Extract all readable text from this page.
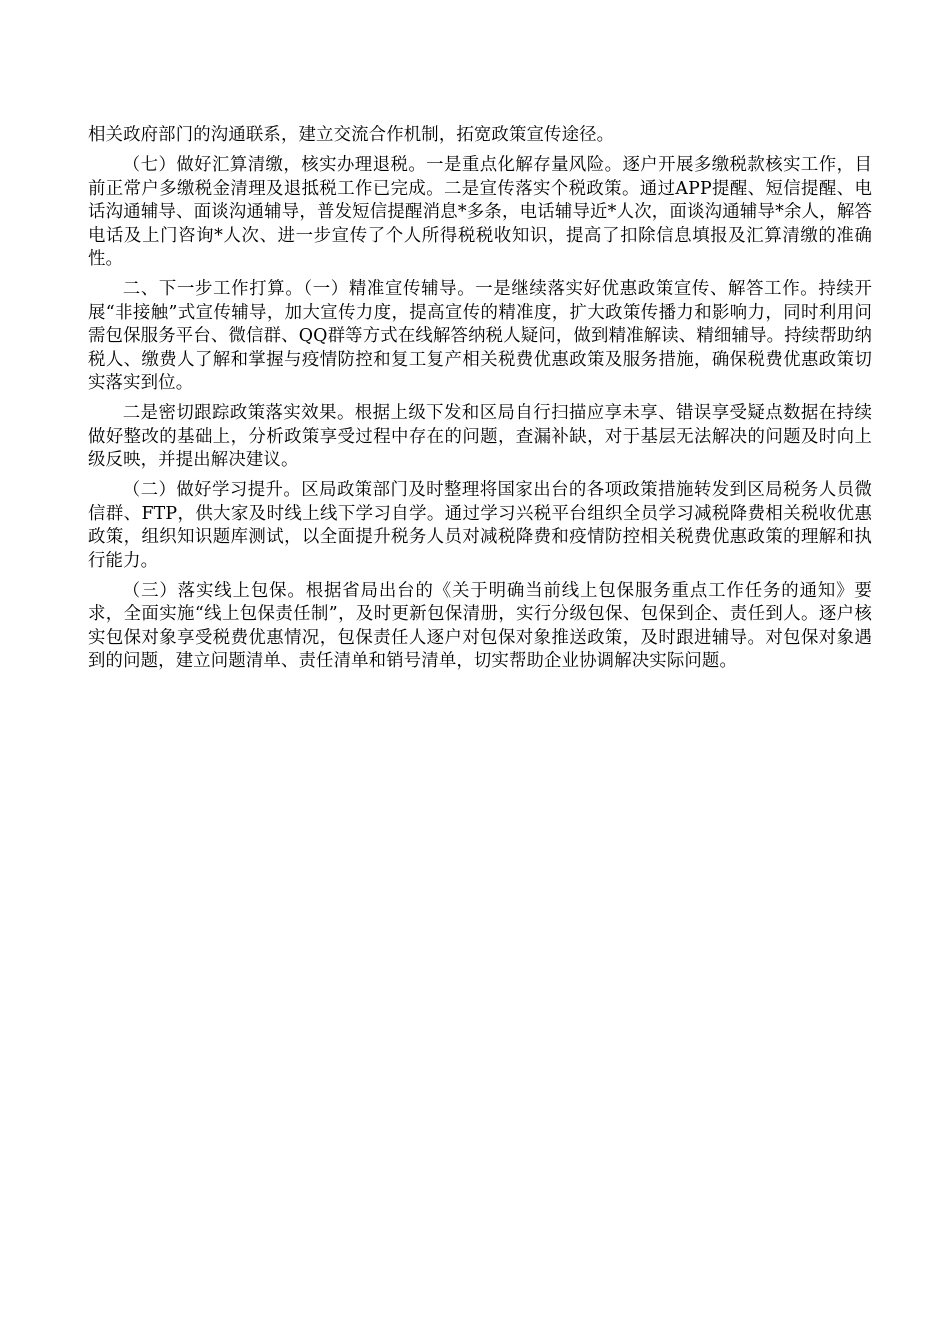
相关政府部门的沟通联系，建立交流合作机制，拓宽政策宣传途径。

（七）做好汇算清缴，核实办理退税。一是重点化解存量风险。逐户开展多缴税款核实工作，目前正常户多缴税金清理及退抵税工作已完成。二是宣传落实个税政策。通过APP提醒、短信提醒、电话沟通辅导、面谈沟通辅导，普发短信提醒消息*多条，电话辅导近*人次，面谈沟通辅导*余人，解答电话及上门咨询*人次、进一步宣传了个人所得税税收知识，提高了扣除信息填报及汇算清缴的准确性。

二、下一步工作打算。（一）精准宣传辅导。一是继续落实好优惠政策宣传、解答工作。持续开展“非接触”式宣传辅导，加大宣传力度，提高宣传的精准度，扩大政策传播力和影响力，同时利用问需包保服务平台、微信群、QQ群等方式在线解答纳税人疑问，做到精准解读、精细辅导。持续帮助纳税人、缴费人了解和掌握与疫情防控和复工复产相关税费优惠政策及服务措施，确保税费优惠政策切实落实到位。

二是密切跟踪政策落实效果。根据上级下发和区局自行扫描应享未享、错误享受疑点数据在持续做好整改的基础上，分析政策享受过程中存在的问题，查漏补缺，对于基层无法解决的问题及时向上级反映，并提出解决建议。

（二）做好学习提升。区局政策部门及时整理将国家出台的各项政策措施转发到区局税务人员微信群、FTP，供大家及时线上线下学习自学。通过学习兴税平台组织全员学习减税降费相关税收优惠政策，组织知识题库测试，以全面提升税务人员对减税降费和疫情防控相关税费优惠政策的理解和执行能力。

（三）落实线上包保。根据省局出台的《关于明确当前线上包保服务重点工作任务的通知》要求，全面实施“线上包保责任制”，及时更新包保清册，实行分级包保、包保到企、责任到人。逐户核实包保对象享受税费优惠情况，包保责任人逐户对包保对象推送政策，及时跟进辅导。对包保对象遇到的问题，建立问题清单、责任清单和销号清单，切实帮助企业协调解决实际问题。
